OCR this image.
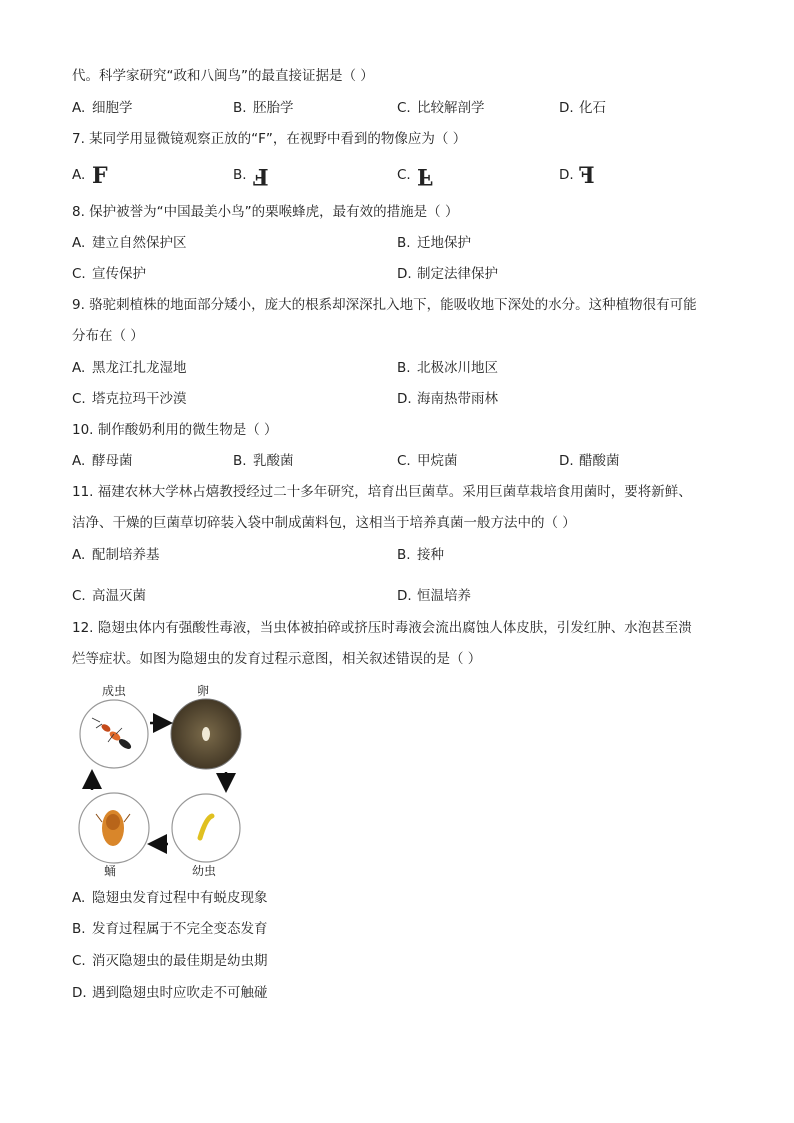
代。科学家研究“政和八闽鸟”的最直接证据是（ ）
A. 细胞学	B. 胚胎学	C. 比较解剖学	D. 化石
7. 某同学用显微镜观察正放的“F”，在视野中看到的物像应为（ ）
A. F	B. F	C. F	D. F
8. 保护被誉为“中国最美小鸟”的栗喉蜂虎，最有效的措施是（ ）
A. 建立自然保护区	B. 迁地保护
C. 宣传保护	D. 制定法律保护
9. 骆驼刺植株的地面部分矮小，庞大的根系却深深扎入地下，能吸收地下深处的水分。这种植物很有可能
分布在（ ）
A. 黑龙江扎龙湿地	B. 北极冰川地区
C. 塔克拉玛干沙漠	D. 海南热带雨林
10. 制作酸奶利用的微生物是（ ）
A. 酵母菌	B. 乳酸菌	C. 甲烷菌	D. 醋酸菌
11. 福建农林大学林占熺教授经过二十多年研究，培育出巨菌草。采用巨菌草栽培食用菌时，要将新鲜、
洁净、干燥的巨菌草切碎装入袋中制成菌料包，这相当于培养真菌一般方法中的（ ）
A. 配制培养基	B. 接种
C. 高温灭菌	D. 恒温培养
12. 隐翅虫体内有强酸性毒液，当虫体被拍碎或挤压时毒液会流出腐蚀人体皮肤，引发红肿、水泡甚至溃
烂等症状。如图为隐翅虫的发育过程示意图，相关叙述错误的是（ ）
成虫	卵
蛹	幼虫
A. 隐翅虫发育过程中有蜕皮现象
B. 发育过程属于不完全变态发育
C. 消灭隐翅虫的最佳期是幼虫期
D. 遇到隐翅虫时应吹走不可触碰
